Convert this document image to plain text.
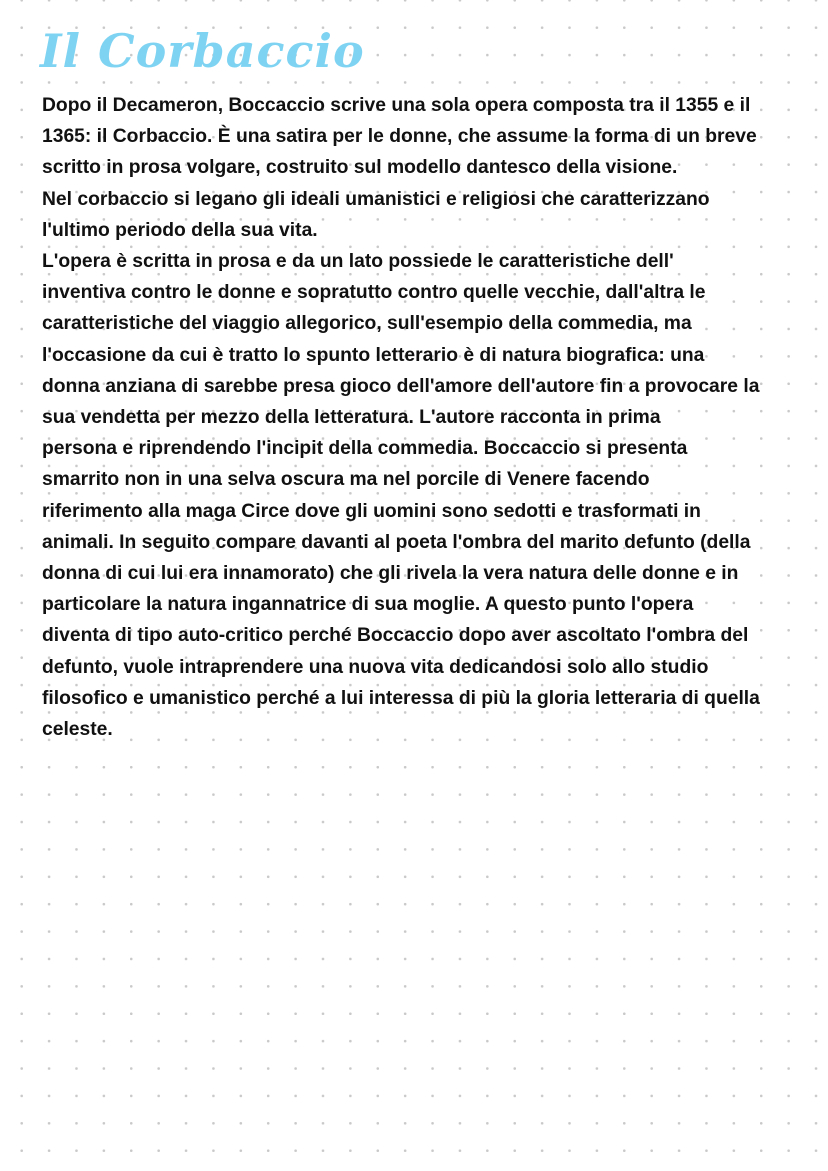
Il Corbaccio
Dopo il Decameron, Boccaccio scrive una sola opera composta tra il 1355 e il
1365: il Corbaccio. È una satira per le donne, che assume la forma di un breve
scritto in prosa volgare, costruito sul modello dantesco della visione.
Nel corbaccio si legano gli ideali umanistici e religiosi che caratterizzano
l'ultimo periodo della sua vita.
L'opera è scritta in prosa e da un lato possiede le caratteristiche dell'
inventiva contro le donne e sopratutto contro quelle vecchie, dall'altra le
caratteristiche del viaggio allegorico, sull'esempio della commedia, ma
l'occasione da cui è tratto lo spunto letterario è di natura biografica: una
donna anziana di sarebbe presa gioco dell'amore dell'autore fin a provocare la
sua vendetta per mezzo della letteratura. L'autore racconta in prima
persona e riprendendo l'incipit della commedia. Boccaccio si presenta
smarrito non in una selva oscura ma nel porcile di Venere facendo
riferimento alla maga Circe dove gli uomini sono sedotti e trasformati in
animali. In seguito compare davanti al poeta l'ombra del marito defunto (della
donna di cui lui era innamorato) che gli rivela la vera natura delle donne e in
particolare la natura ingannatrice di sua moglie. A questo punto l'opera
diventa di tipo auto-critico perché Boccaccio dopo aver ascoltato l'ombra del
defunto, vuole intraprendere una nuova vita dedicandosi solo allo studio
filosofico e umanistico perché a lui interessa di più la gloria letteraria di quella
celeste.
